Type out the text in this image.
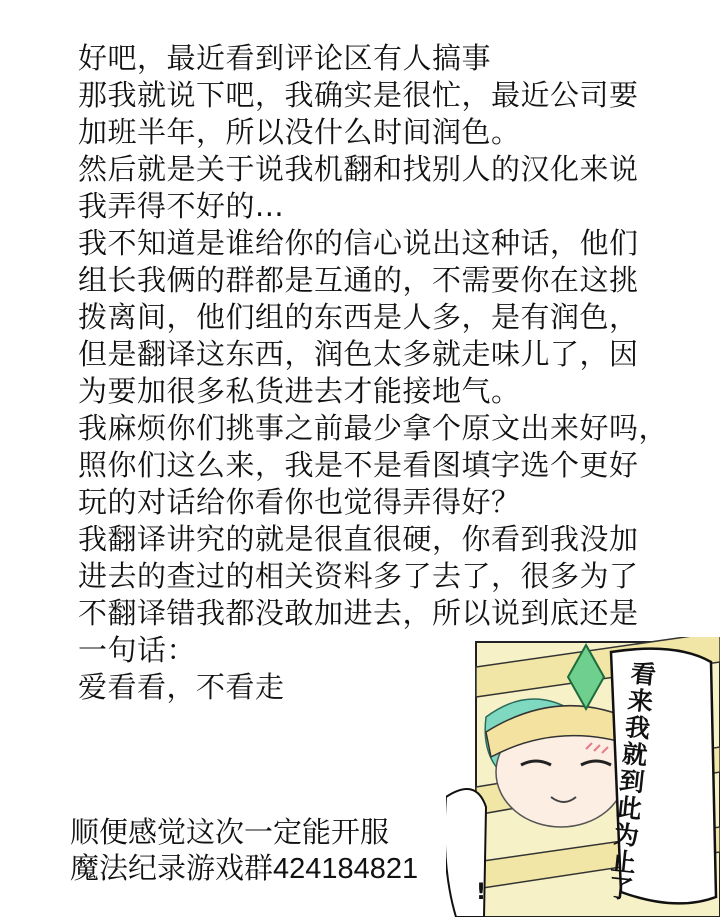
好吧，最近看到评论区有人搞事
那我就说下吧，我确实是很忙，最近公司要
加班半年，所以没什么时间润色。
然后就是关于说我机翻和找别人的汉化来说
我弄得不好的...
我不知道是谁给你的信心说出这种话，他们
组长我俩的群都是互通的，不需要你在这挑
拨离间，他们组的东西是人多，是有润色，
但是翻译这东西，润色太多就走味儿了，因
为要加很多私货进去才能接地气。
我麻烦你们挑事之前最少拿个原文出来好吗，
照你们这么来，我是不是看图填字选个更好
玩的对话给你看你也觉得弄得好？
我翻译讲究的就是很直很硬，你看到我没加
进去的查过的相关资料多了去了，很多为了
不翻译错我都没敢加进去，所以说到底还是
一句话：
爱看看，不看走	看
来
我
就
到
此
为
止
了
!
顺便感觉这次一定能开服
魔法纪录游戏群424184821
